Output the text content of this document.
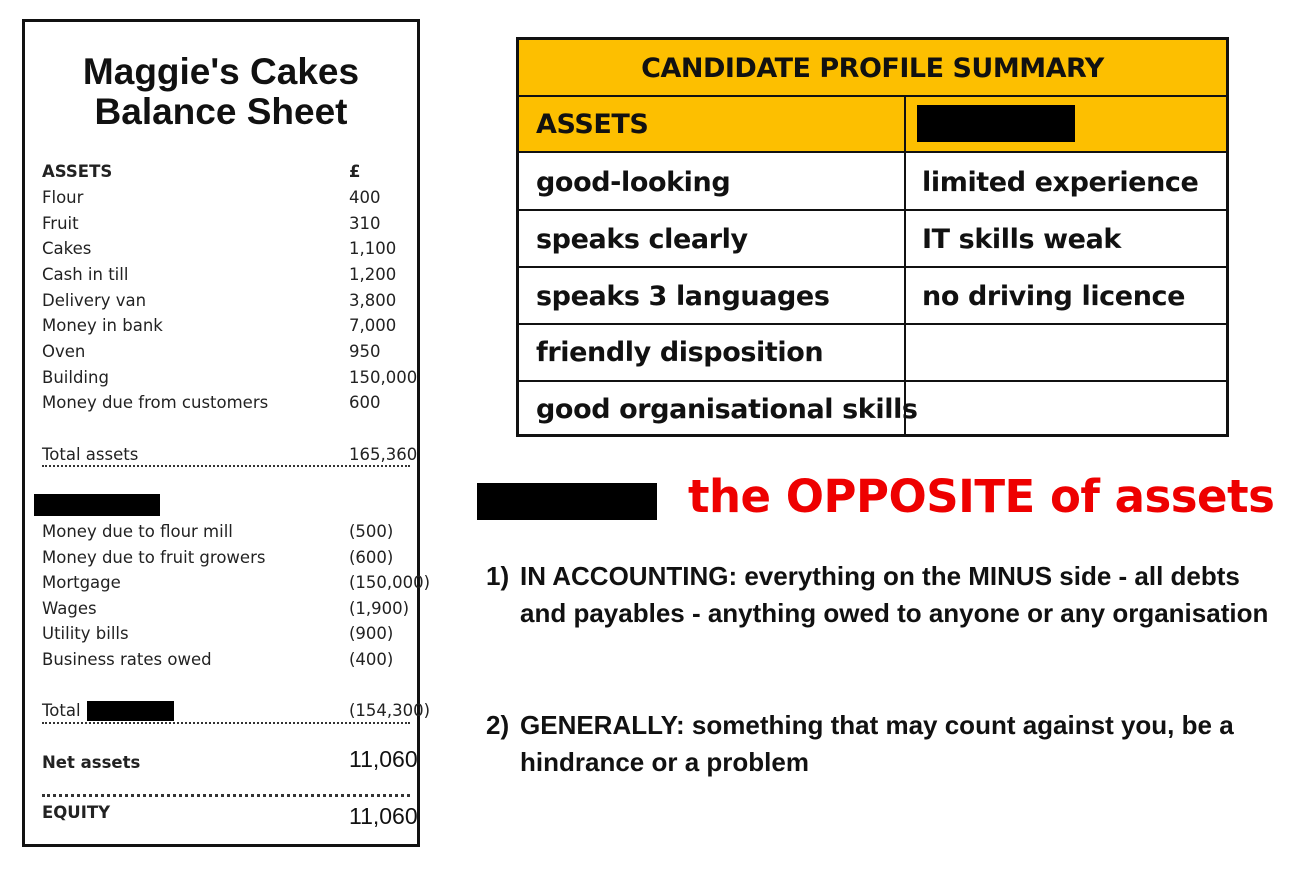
Maggie's Cakes
Balance Sheet
ASSETS	£
Flour	400
Fruit	310
Cakes	1,100
Cash in till	1,200
Delivery van	3,800
Money in bank	7,000
Oven	950
Building	150,000
Money due from customers	600
Total assets	165,360
Money due to flour mill	(500)
Money due to fruit growers	(600)
Mortgage	(150,000)
Wages	(1,900)
Utility bills	(900)
Business rates owed	(400)
Total	(154,300)
Net assets	11,060
EQUITY	11,060
CANDIDATE PROFILE SUMMARY
ASSETS
good-looking	limited experience
speaks clearly	IT skills weak
speaks 3 languages	no driving licence
friendly disposition
good organisational skills
the OPPOSITE of assets
1) IN ACCOUNTING: everything on the MINUS side - all debts and payables - anything owed to anyone or any organisation
2) GENERALLY: something that may count against you, be a hindrance or a problem
